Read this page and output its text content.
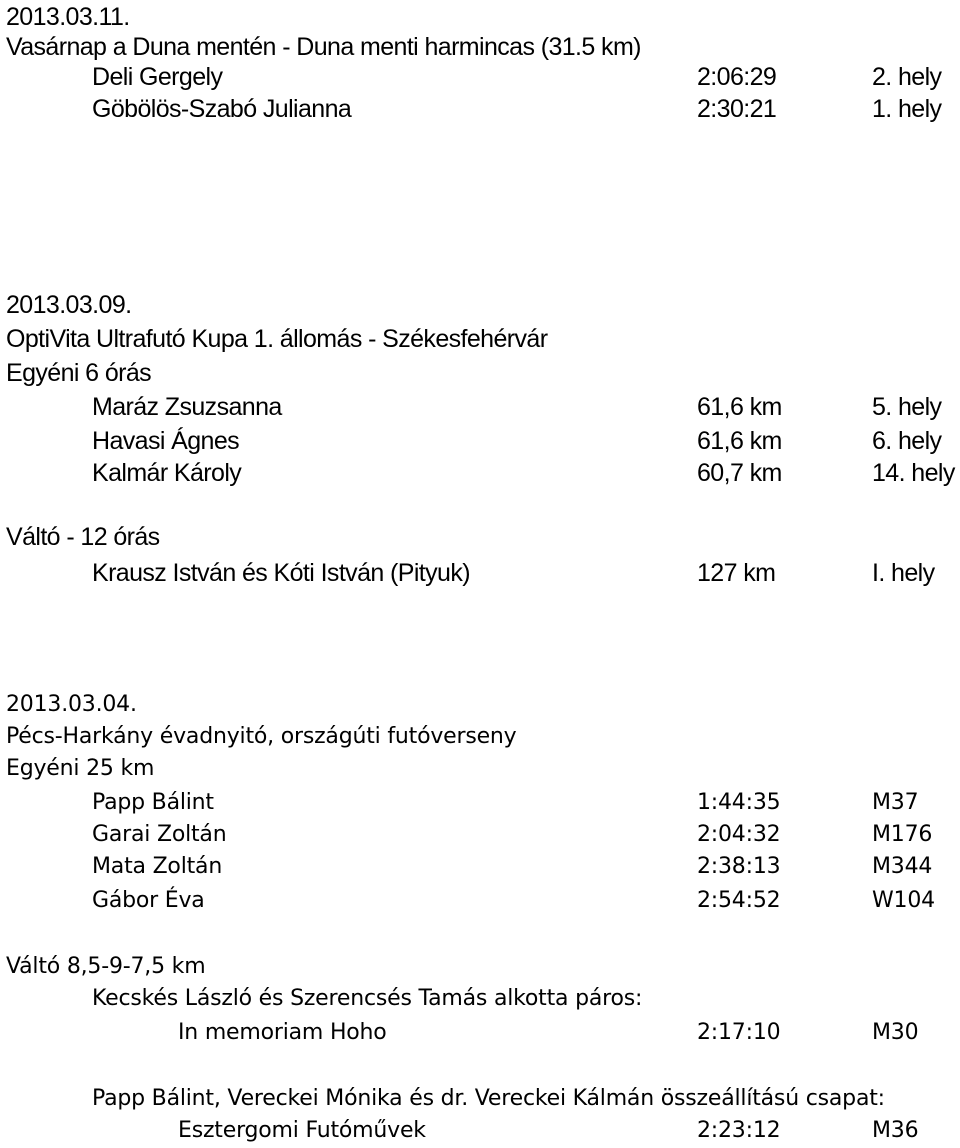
2013.03.11.
Vasárnap a Duna mentén - Duna menti harmincas (31.5 km)
Deli Gergely	2:06:29	2. hely
Göbölös-Szabó Julianna	2:30:21	1. hely
2013.03.09.
OptiVita Ultrafutó Kupa 1. állomás - Székesfehérvár
Egyéni 6 órás
Maráz Zsuzsanna	61,6 km	5. hely
Havasi Ágnes	61,6 km	6. hely
Kalmár Károly	60,7 km	14. hely
Váltó - 12 órás
Krausz István és Kóti István (Pityuk)	127 km	I. hely
2013.03.04.
Pécs-Harkány évadnyitó, országúti futóverseny
Egyéni 25 km
Papp Bálint	1:44:35	M37
Garai Zoltán	2:04:32	M176
Mata Zoltán	2:38:13	M344
Gábor Éva	2:54:52	W104
Váltó 8,5-9-7,5 km
Kecskés László és Szerencsés Tamás alkotta páros:
In memoriam Hoho	2:17:10	M30
Papp Bálint, Vereckei Mónika és dr. Vereckei Kálmán összeállítású csapat:
Esztergomi Futóművek	2:23:12	M36
